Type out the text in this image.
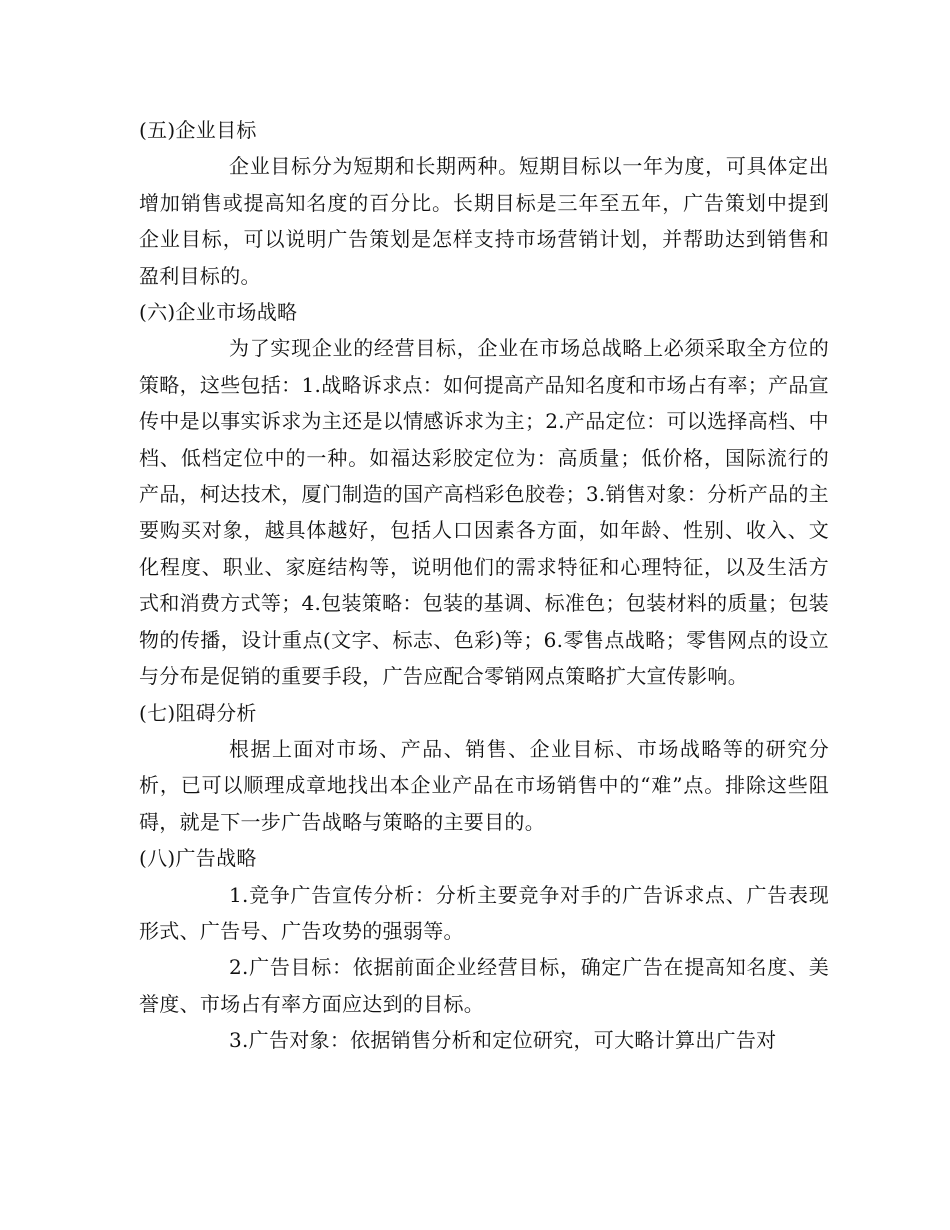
(五)企业目标

企业目标分为短期和长期两种。短期目标以一年为度，可具体定出增加销售或提高知名度的百分比。长期目标是三年至五年，广告策划中提到企业目标，可以说明广告策划是怎样支持市场营销计划，并帮助达到销售和盈利目标的。

(六)企业市场战略

为了实现企业的经营目标，企业在市场总战略上必须采取全方位的策略，这些包括：1.战略诉求点：如何提高产品知名度和市场占有率；产品宣传中是以事实诉求为主还是以情感诉求为主；2.产品定位：可以选择高档、中档、低档定位中的一种。如福达彩胶定位为：高质量；低价格，国际流行的产品，柯达技术，厦门制造的国产高档彩色胶卷；3.销售对象：分析产品的主要购买对象，越具体越好，包括人口因素各方面，如年龄、性别、收入、文化程度、职业、家庭结构等，说明他们的需求特征和心理特征，以及生活方式和消费方式等；4.包装策略：包装的基调、标准色；包装材料的质量；包装物的传播，设计重点(文字、标志、色彩)等；6.零售点战略；零售网点的设立与分布是促销的重要手段，广告应配合零销网点策略扩大宣传影响。

(七)阻碍分析

根据上面对市场、产品、销售、企业目标、市场战略等的研究分析，已可以顺理成章地找出本企业产品在市场销售中的“难”点。排除这些阻碍，就是下一步广告战略与策略的主要目的。

(八)广告战略

1.竞争广告宣传分析：分析主要竞争对手的广告诉求点、广告表现形式、广告号、广告攻势的强弱等。

2.广告目标：依据前面企业经营目标，确定广告在提高知名度、美 誉度、市场占有率方面应达到的目标。

3.广告对象：依据销售分析和定位研究，可大略计算出广告对
